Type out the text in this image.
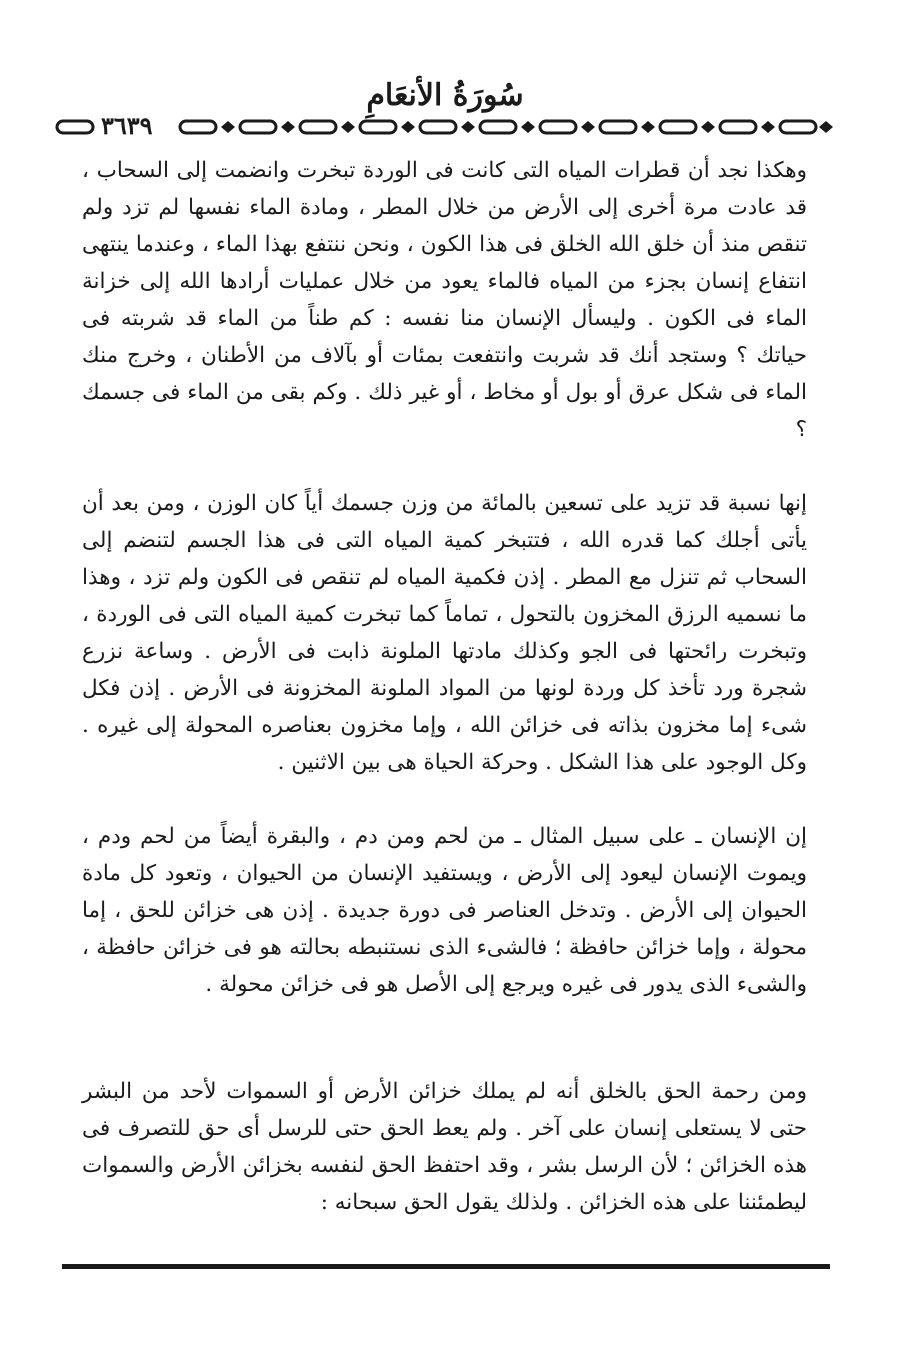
سُورَةُ الأنعَامِ
٣٦٣٩

وهكذا نجد أن قطرات المياه التى كانت فى الوردة تبخرت وانضمت إلى السحاب ، قد عادت مرة أخرى إلى الأرض من خلال المطر ، ومادة الماء نفسها لم تزد ولم تنقص منذ أن خلق الله الخلق فى هذا الكون ، ونحن ننتفع بهذا الماء ، وعندما ينتهى انتفاع إنسان بجزء من المياه فالماء يعود من خلال عمليات أرادها الله إلى خزانة الماء فى الكون . وليسأل الإنسان منا نفسه : كم طناً من الماء قد شربته فى حياتك ؟ وستجد أنك قد شربت وانتفعت بمئات أو بآلاف من الأطنان ، وخرج منك الماء فى شكل عرق أو بول أو مخاط ، أو غير ذلك . وكم بقى من الماء فى جسمك ؟

إنها نسبة قد تزيد على تسعين بالمائة من وزن جسمك أياً كان الوزن ، ومن بعد أن يأتى أجلك كما قدره الله ، فتتبخر كمية المياه التى فى هذا الجسم لتنضم إلى السحاب ثم تنزل مع المطر . إذن فكمية المياه لم تنقص فى الكون ولم تزد ، وهذا ما نسميه الرزق المخزون بالتحول ، تماماً كما تبخرت كمية المياه التى فى الوردة ، وتبخرت رائحتها فى الجو وكذلك مادتها الملونة ذابت فى الأرض . وساعة نزرع شجرة ورد تأخذ كل وردة لونها من المواد الملونة المخزونة فى الأرض . إذن فكل شىء إما مخزون بذاته فى خزائن الله ، وإما مخزون بعناصره المحولة إلى غيره . وكل الوجود على هذا الشكل . وحركة الحياة هى بين الاثنين .

إن الإنسان ـ على سبيل المثال ـ من لحم ومن دم ، والبقرة أيضاً من لحم ودم ، ويموت الإنسان ليعود إلى الأرض ، ويستفيد الإنسان من الحيوان ، وتعود كل مادة الحيوان إلى الأرض . وتدخل العناصر فى دورة جديدة . إذن هى خزائن للحق ، إما محولة ، وإما خزائن حافظة ؛ فالشىء الذى نستنبطه بحالته هو فى خزائن حافظة ، والشىء الذى يدور فى غيره ويرجع إلى الأصل هو فى خزائن محولة .

ومن رحمة الحق بالخلق أنه لم يملك خزائن الأرض أو السموات لأحد من البشر حتى لا يستعلى إنسان على آخر . ولم يعط الحق حتى للرسل أى حق للتصرف فى هذه الخزائن ؛ لأن الرسل بشر ، وقد احتفظ الحق لنفسه بخزائن الأرض والسموات ليطمئننا على هذه الخزائن . ولذلك يقول الحق سبحانه :
